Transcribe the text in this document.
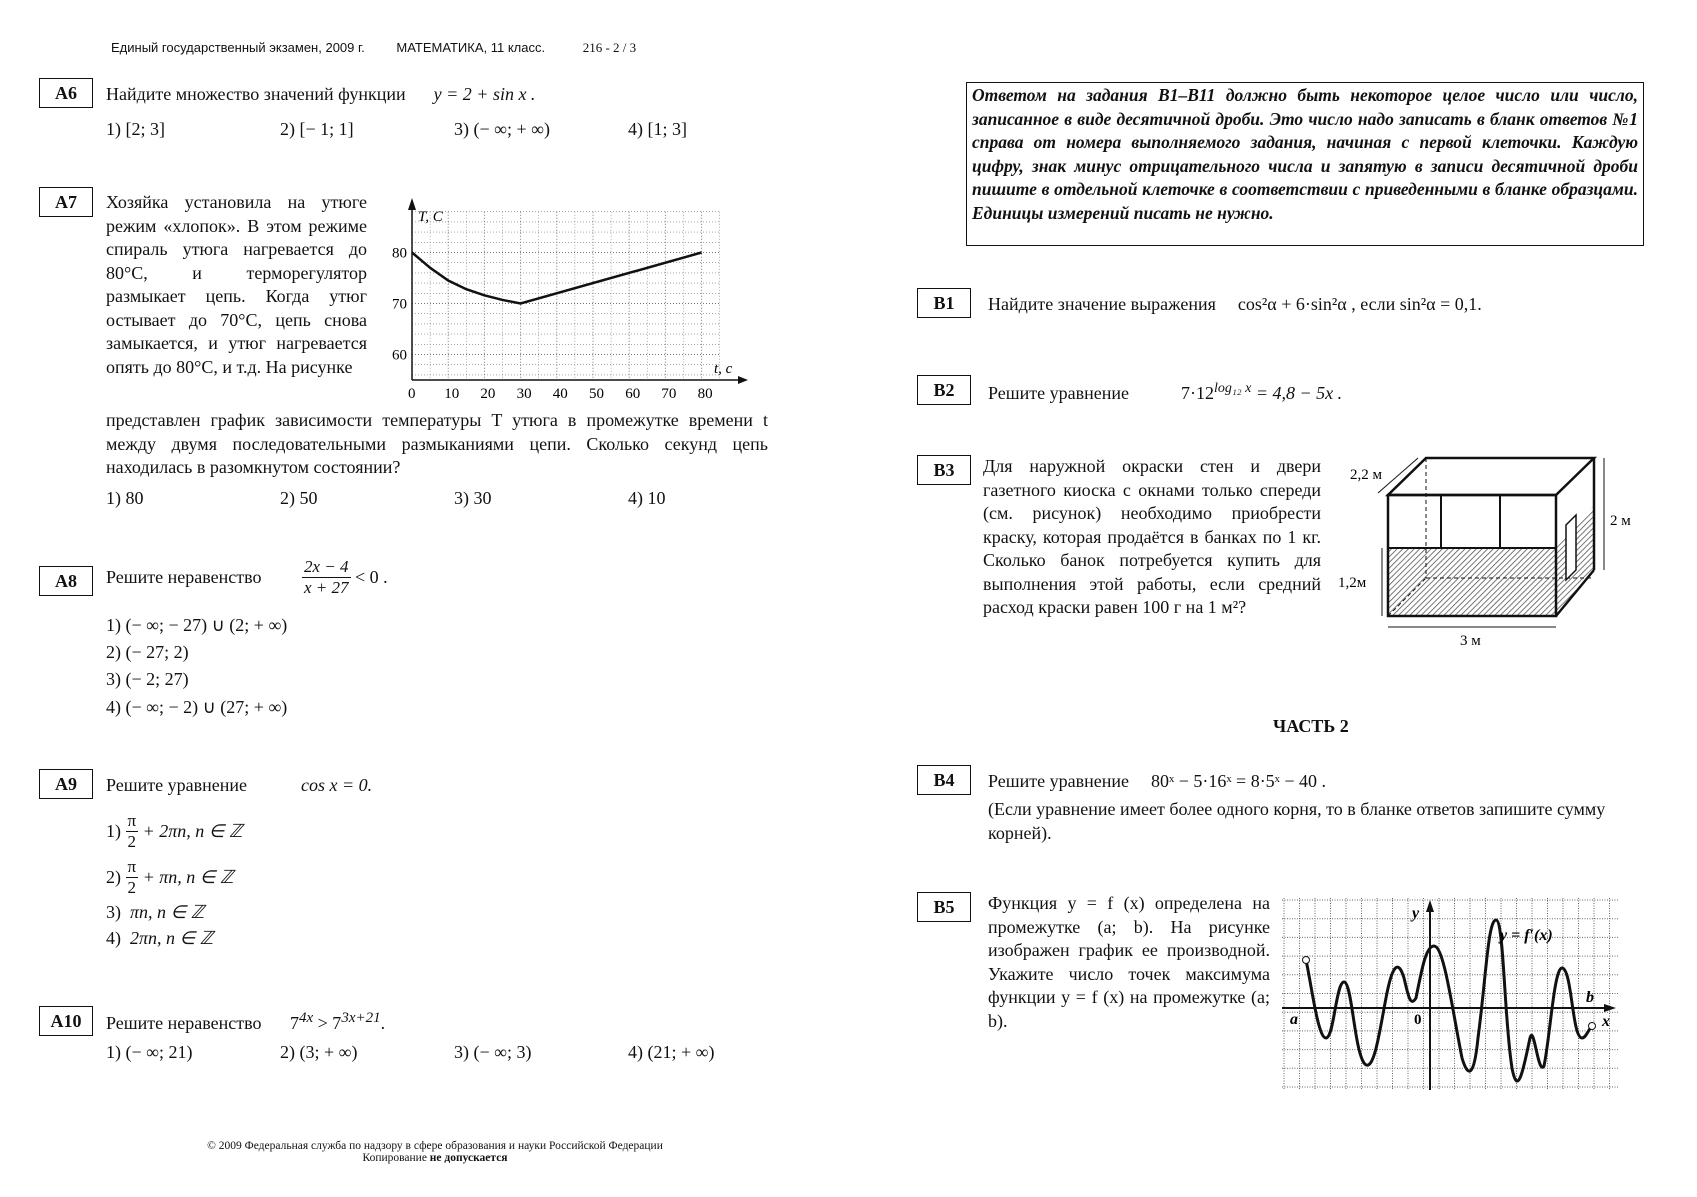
Единый государственный экзамен, 2009 г. МАТЕМАТИКА, 11 класс.	216 - 2 / 3
А6	Найдите множество значений функции y = 2 + sin x .
1) [2; 3]	2) [− 1; 1]	3) (− ∞; + ∞)	4) [1; 3]
А7	Хозяйка установила на утюге режим «хлопок». В этом режиме спираль утюга нагревается до 80°С, и терморегулятор размыкает цепь. Когда утюг остывает до 70°С, цепь снова замыкается, и утюг нагревается опять до 80°С, и т.д. На рисунке
представлен график зависимости температуры T утюга в промежутке времени t между двумя последовательными размыканиями цепи. Сколько секунд цепь находилась в разомкнутом состоянии?
T, С
t, c
80
70
60
0 10 20 30 40 50 60 70 80
1) 80	2) 50	3) 30	4) 10
А8	Решите неравенство $\frac{2x - 4}{x + 27} < 0$ .
1) (− ∞; − 27) ∪ (2; + ∞)
2) (− 27; 2)
3) (− 2; 27)
4) (− ∞; − 2) ∪ (27; + ∞)
А9	Решите уравнение	cos x = 0.
$1) \frac{\pi}{2} + 2\pi n$, n ∈ ℤ
$2) \frac{\pi}{2} + \pi n$, n ∈ ℤ
3) πn, n ∈ ℤ
4) 2πn, n ∈ ℤ
А10	Решите неравенство $7^{4x} > 7^{3x+21}$.
1) (− ∞; 21)	2) (3; + ∞)	3) (− ∞; 3)	4) (21; + ∞)
© 2009 Федеральная служба по надзору в сфере образования и науки Российской Федерации
Копирование не допускается
Ответом на задания В1–В11 должно быть некоторое целое число или число, записанное в виде десятичной дроби. Это число надо записать в бланк ответов №1 справа от номера выполняемого задания, начиная с первой клеточки. Каждую цифру, знак минус отрицательного числа и запятую в записи десятичной дроби пишите в отдельной клеточке в соответствии с приведенными в бланке образцами. Единицы измерений писать не нужно.
B1	Найдите значение выражения cos²α + 6·sin²α , если sin²α = 0,1.
B2	Решите уравнение	$7\cdot 12^{log_{12} x} = 4,8 - 5x$ .
B3	Для наружной окраски стен и двери газетного киоска с окнами только спереди (см. рисунок) необходимо приобрести краску, которая продаётся в банках по 1 кг. Сколько банок потребуется купить для выполнения этой работы, если средний расход краски равен 100 г на 1 м²?
2,2 м
2 м
1,2м
3 м
ЧАСТЬ 2
B4	Решите уравнение 80ˣ − 5·16ˣ = 8·5ˣ − 40 .
(Если уравнение имеет более одного корня, то в бланке ответов запишите сумму корней).
B5	Функция y = f (x) определена на промежутке (a; b). На рисунке изображен график ее производной. Укажите число точек максимума функции y = f (x) на промежутке (a; b).
y
y = f′(x)
a
b
0	x
